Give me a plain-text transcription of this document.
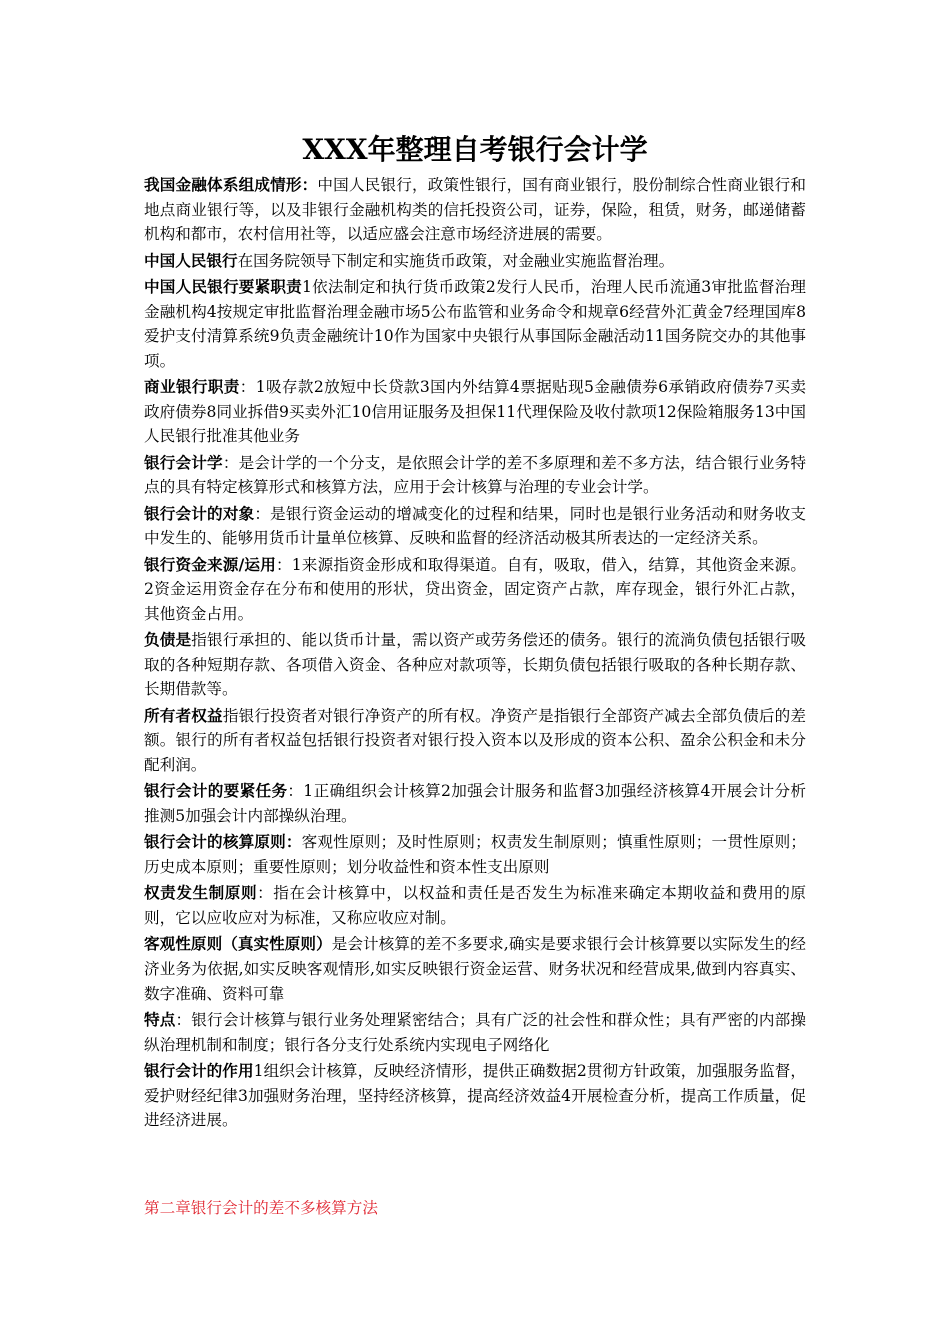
XXX年整理自考银行会计学

我国金融体系组成情形：中国人民银行，政策性银行，国有商业银行，股份制综合性商业银行和地点商业银行等，以及非银行金融机构类的信托投资公司，证券，保险，租赁，财务，邮递储蓄机构和都市，农村信用社等，以适应盛会注意市场经济进展的需要。

中国人民银行在国务院领导下制定和实施货币政策，对金融业实施监督治理。

中国人民银行要紧职责1依法制定和执行货币政策2发行人民币，治理人民币流通3审批监督治理金融机构4按规定审批监督治理金融市场5公布监管和业务命令和规章6经营外汇黄金7经理国库8爱护支付清算系统9负责金融统计10作为国家中央银行从事国际金融活动11国务院交办的其他事项。

商业银行职责：1吸存款2放短中长贷款3国内外结算4票据贴现5金融债券6承销政府债券7买卖政府债券8同业拆借9买卖外汇10信用证服务及担保11代理保险及收付款项12保险箱服务13中国人民银行批准其他业务

银行会计学：是会计学的一个分支，是依照会计学的差不多原理和差不多方法，结合银行业务特点的具有特定核算形式和核算方法，应用于会计核算与治理的专业会计学。

银行会计的对象：是银行资金运动的增减变化的过程和结果，同时也是银行业务活动和财务收支中发生的、能够用货币计量单位核算、反映和监督的经济活动极其所表达的一定经济关系。

银行资金来源/运用：1来源指资金形成和取得渠道。自有，吸取，借入，结算，其他资金来源。2资金运用资金存在分布和使用的形状，贷出资金，固定资产占款，库存现金，银行外汇占款，其他资金占用。

负债是指银行承担的、能以货币计量，需以资产或劳务偿还的债务。银行的流淌负债包括银行吸取的各种短期存款、各项借入资金、各种应对款项等，长期负债包括银行吸取的各种长期存款、长期借款等。

所有者权益指银行投资者对银行净资产的所有权。净资产是指银行全部资产减去全部负债后的差额。银行的所有者权益包括银行投资者对银行投入资本以及形成的资本公积、盈余公积金和未分配利润。

银行会计的要紧任务：1正确组织会计核算2加强会计服务和监督3加强经济核算4开展会计分析推测5加强会计内部操纵治理。

银行会计的核算原则：客观性原则；及时性原则；权责发生制原则；慎重性原则；一贯性原则；历史成本原则；重要性原则；划分收益性和资本性支出原则

权责发生制原则：指在会计核算中，以权益和责任是否发生为标准来确定本期收益和费用的原则，它以应收应对为标准，又称应收应对制。

客观性原则（真实性原则）是会计核算的差不多要求,确实是要求银行会计核算要以实际发生的经济业务为依据,如实反映客观情形,如实反映银行资金运营、财务状况和经营成果,做到内容真实、数字准确、资料可靠

特点：银行会计核算与银行业务处理紧密结合；具有广泛的社会性和群众性；具有严密的内部操纵治理机制和制度；银行各分支行处系统内实现电子网络化

银行会计的作用1组织会计核算，反映经济情形，提供正确数据2贯彻方针政策，加强服务监督，爱护财经纪律3加强财务治理，坚持经济核算，提高经济效益4开展检查分析，提高工作质量，促进经济进展。

第二章银行会计的差不多核算方法
